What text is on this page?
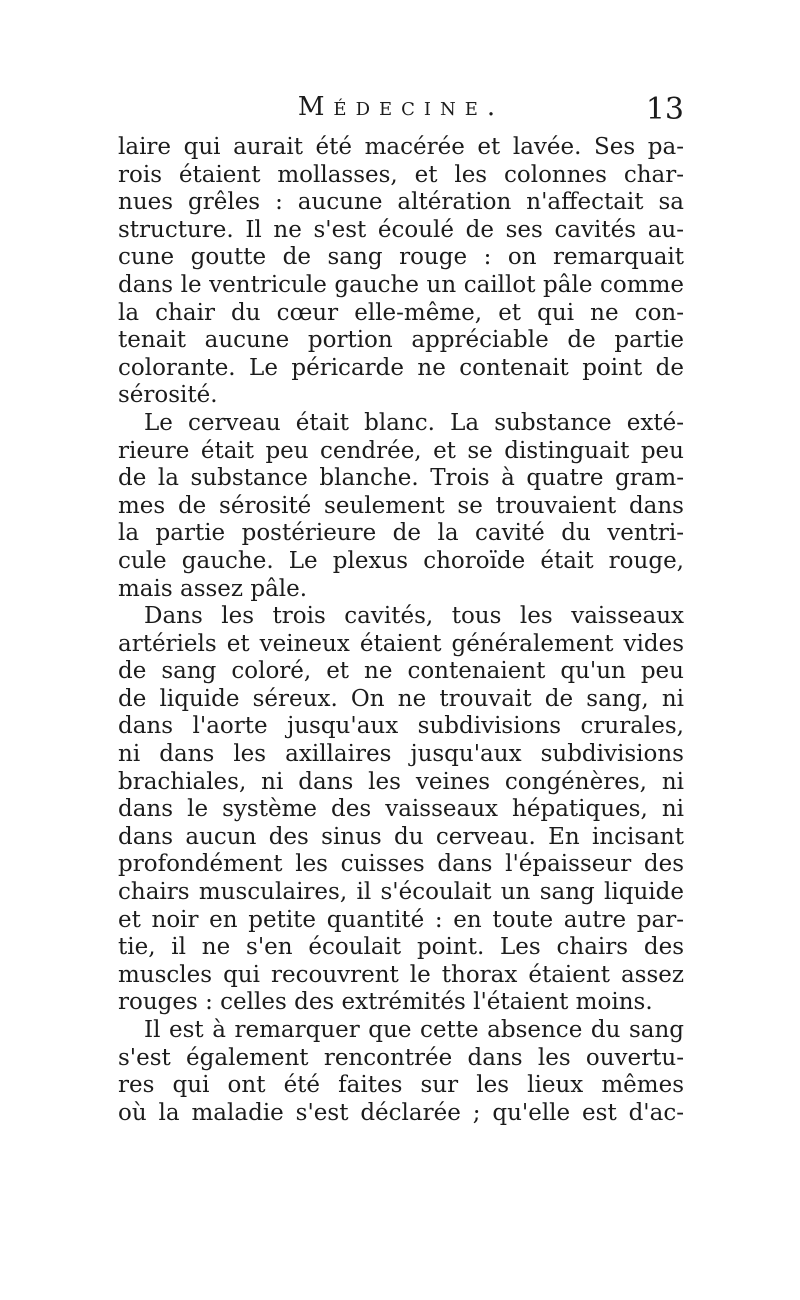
Médecine.	13
laire qui aurait été macérée et lavée. Ses pa-
rois étaient mollasses, et les colonnes char-
nues grêles : aucune altération n'affectait sa
structure. Il ne s'est écoulé de ses cavités au-
cune goutte de sang rouge : on remarquait
dans le ventricule gauche un caillot pâle comme
la chair du cœur elle-même, et qui ne con-
tenait aucune portion appréciable de partie
colorante. Le péricarde ne contenait point de
sérosité.
Le cerveau était blanc. La substance exté-
rieure était peu cendrée, et se distinguait peu
de la substance blanche. Trois à quatre gram-
mes de sérosité seulement se trouvaient dans
la partie postérieure de la cavité du ventri-
cule gauche. Le plexus choroïde était rouge,
mais assez pâle.
Dans les trois cavités, tous les vaisseaux
artériels et veineux étaient généralement vides
de sang coloré, et ne contenaient qu'un peu
de liquide séreux. On ne trouvait de sang, ni
dans l'aorte jusqu'aux subdivisions crurales,
ni dans les axillaires jusqu'aux subdivisions
brachiales, ni dans les veines congénères, ni
dans le système des vaisseaux hépatiques, ni
dans aucun des sinus du cerveau. En incisant
profondément les cuisses dans l'épaisseur des
chairs musculaires, il s'écoulait un sang liquide
et noir en petite quantité : en toute autre par-
tie, il ne s'en écoulait point. Les chairs des
muscles qui recouvrent le thorax étaient assez
rouges : celles des extrémités l'étaient moins.
Il est à remarquer que cette absence du sang
s'est également rencontrée dans les ouvertu-
res qui ont été faites sur les lieux mêmes
où la maladie s'est déclarée ; qu'elle est d'ac-
